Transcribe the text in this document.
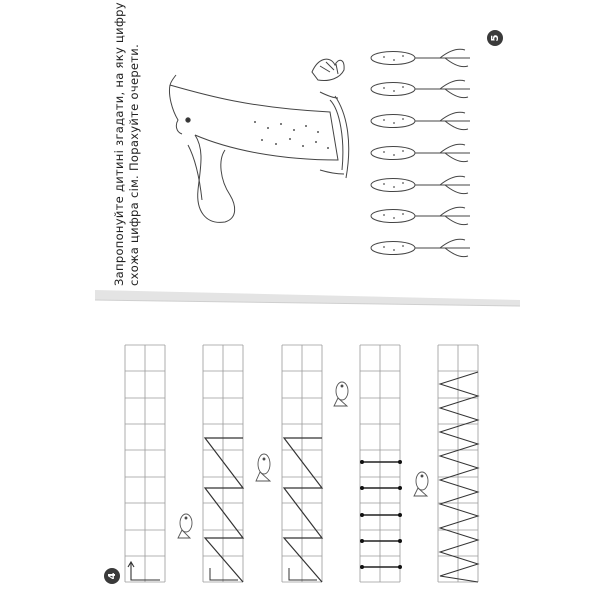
Запропонуйте дитині згадати, на яку цифру схожа цифра сім. Порахуйте очерети.
5
4
